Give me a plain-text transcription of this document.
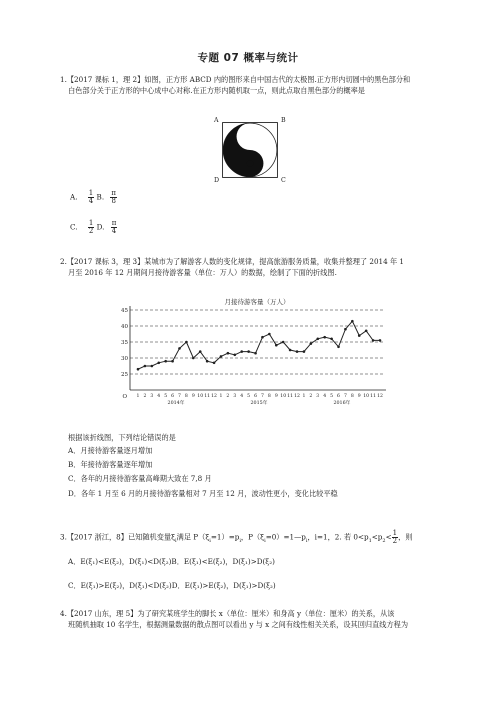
专题 07 概率与统计
1.【2017 课标 1，理 2】如图，正方形 ABCD 内的图形来自中国古代的太极图.正方形内切圆中的黑色部分和
白色部分关于正方形的中心成中心对称.在正方形内随机取一点，则此点取自黑色部分的概率是
A	B
D	C
A. $\frac{1}{4} B$. $\frac{\pi}{8}$
C. $\frac{1}{2} D$. $\frac{\pi}{4}$
2.【2017 课标 3，理 3】某城市为了解游客人数的变化规律，提高旅游服务质量，收集并整理了 2014 年 1
月至 2016 年 12 月期间月接待游客量（单位：万人）的数据，绘制了下面的折线图.
月接待游客量（万人）
45
40
35
30
25
O 1 2 3 4 5 6 7 8 9 10 11 12 1 2 3 4 5 6 7 8 9 10 11 12 1 2 3 4 5 6 7 8 9 10 11 12
2014年	2015年	2016年
根据该折线图，下列结论错误的是
A．月接待游客量逐月增加
B．年接待游客量逐年增加
C．各年的月接待游客量高峰期大致在 7,8 月
D．各年 1 月至 6 月的月接待游客量相对 7 月至 12 月，波动性更小，变化比较平稳
3.【2017 浙江，8】已知随机变量$\xi_i$满足 $P(\xi_i=1)=p_i$，$P(\xi_i=0)=1—p_i$，i=1，2. 若 $0<p_1<p_2< \frac{1}{2}$ ，则
A．E(ξ₁)<E(ξ₂)，D(ξ₁)<D(ξ₂)B．E(ξ₁)<E(ξ₂)，D(ξ₁)>D(ξ₂)
C．E(ξ₁)>E(ξ₂)，D(ξ₁)<D(ξ₂)D．E(ξ₁)>E(ξ₂)，D(ξ₁)>D(ξ₂)
4.【2017 山东，理 5】为了研究某班学生的脚长 x（单位：厘米）和身高 y（单位：厘米）的关系，从该
班随机抽取 10 名学生，根据测量数据的散点图可以看出 y 与 x 之间有线性相关关系，设其回归直线方程为
